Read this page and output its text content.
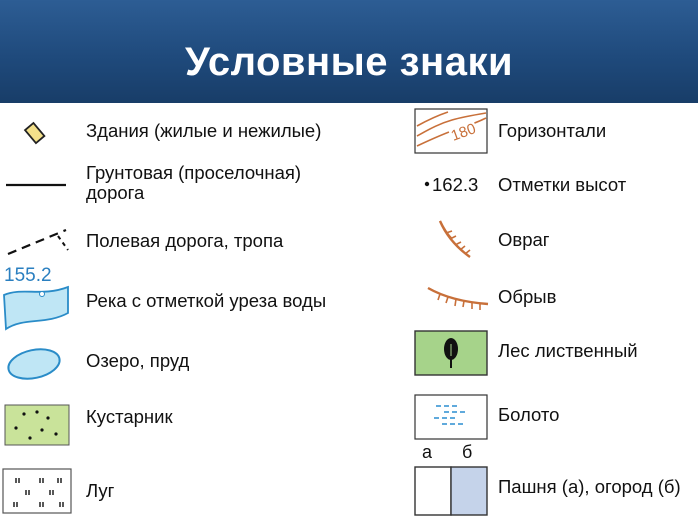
Условные знаки
Здания (жилые и нежилые)
Грунтовая (проселочная)
дорога
Полевая дорога, тропа
155.2
Река с отметкой уреза воды
Озеро, пруд
Кустарник
Луг
180 Горизонтали
162.3 Отметки высот
Овраг
Обрыв
Лес лиственный
Болото
а б
Пашня (а), огород (б)
